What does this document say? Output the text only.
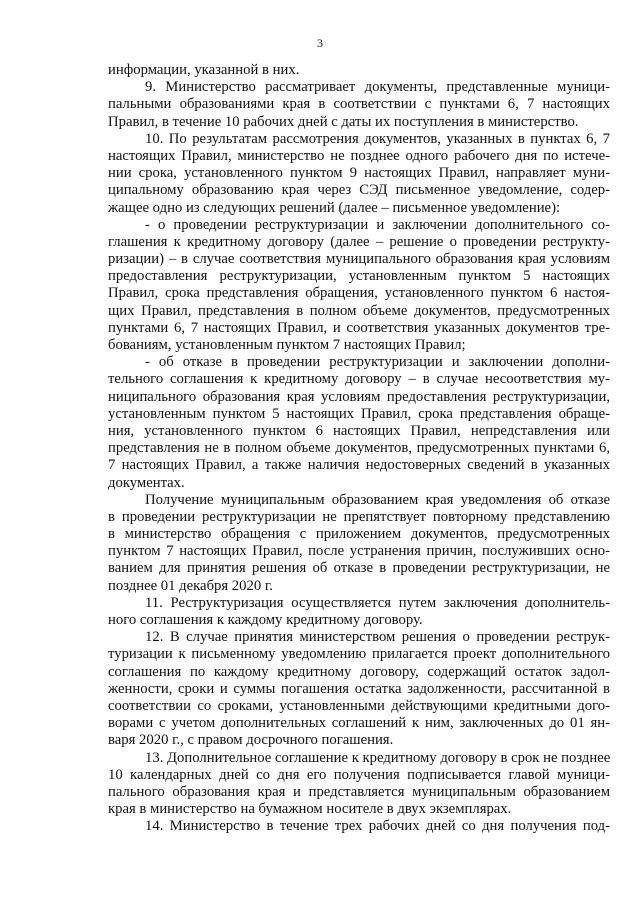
3
информации, указанной в них.
9. Министерство рассматривает документы, представленные муници-
пальными образованиями края в соответствии с пунктами 6, 7 настоящих
Правил, в течение 10 рабочих дней с даты их поступления в министерство.
10. По результатам рассмотрения документов, указанных в пунктах 6, 7
настоящих Правил, министерство не позднее одного рабочего дня по истече-
нии срока, установленного пунктом 9 настоящих Правил, направляет муни-
ципальному образованию края через СЭД письменное уведомление, содер-
жащее одно из следующих решений (далее – письменное уведомление):
- о проведении реструктуризации и заключении дополнительного со-
глашения к кредитному договору (далее – решение о проведении реструкту-
ризации) – в случае соответствия муниципального образования края условиям
предоставления реструктуризации, установленным пунктом 5 настоящих
Правил, срока представления обращения, установленного пунктом 6 настоя-
щих Правил, представления в полном объеме документов, предусмотренных
пунктами 6, 7 настоящих Правил, и соответствия указанных документов тре-
бованиям, установленным пунктом 7 настоящих Правил;
- об отказе в проведении реструктуризации и заключении дополни-
тельного соглашения к кредитному договору – в случае несоответствия му-
ниципального образования края условиям предоставления реструктуризации,
установленным пунктом 5 настоящих Правил, срока представления обраще-
ния, установленного пунктом 6 настоящих Правил, непредставления или
представления не в полном объеме документов, предусмотренных пунктами 6,
7 настоящих Правил, а также наличия недостоверных сведений в указанных
документах.
Получение муниципальным образованием края уведомления об отказе
в проведении реструктуризации не препятствует повторному представлению
в министерство обращения с приложением документов, предусмотренных
пунктом 7 настоящих Правил, после устранения причин, послуживших осно-
ванием для принятия решения об отказе в проведении реструктуризации, не
позднее 01 декабря 2020 г.
11. Реструктуризация осуществляется путем заключения дополнитель-
ного соглашения к каждому кредитному договору.
12. В случае принятия министерством решения о проведении реструк-
туризации к письменному уведомлению прилагается проект дополнительного
соглашения по каждому кредитному договору, содержащий остаток задол-
женности, сроки и суммы погашения остатка задолженности, рассчитанной в
соответствии со сроками, установленными действующими кредитными дого-
ворами с учетом дополнительных соглашений к ним, заключенных до 01 ян-
варя 2020 г., с правом досрочного погашения.
13. Дополнительное соглашение к кредитному договору в срок не позднее
10 календарных дней со дня его получения подписывается главой муници-
пального образования края и представляется муниципальным образованием
края в министерство на бумажном носителе в двух экземплярах.
14. Министерство в течение трех рабочих дней со дня получения под-
